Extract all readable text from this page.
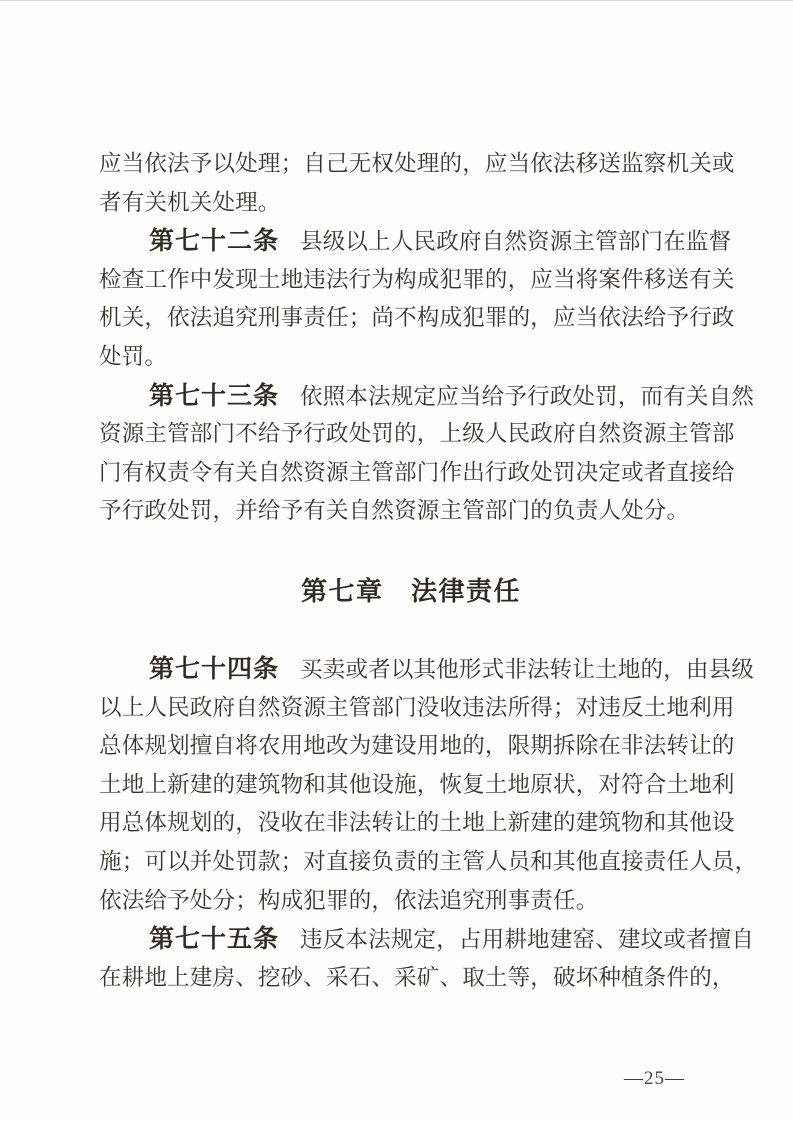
应当依法予以处理；自己无权处理的，应当依法移送监察机关或
者有关机关处理。
第七十二条 县级以上人民政府自然资源主管部门在监督
检查工作中发现土地违法行为构成犯罪的，应当将案件移送有关
机关，依法追究刑事责任；尚不构成犯罪的，应当依法给予行政
处罚。
第七十三条 依照本法规定应当给予行政处罚，而有关自然
资源主管部门不给予行政处罚的，上级人民政府自然资源主管部
门有权责令有关自然资源主管部门作出行政处罚决定或者直接给
予行政处罚，并给予有关自然资源主管部门的负责人处分。
第七章　法律责任
第七十四条 买卖或者以其他形式非法转让土地的，由县级
以上人民政府自然资源主管部门没收违法所得；对违反土地利用
总体规划擅自将农用地改为建设用地的，限期拆除在非法转让的
土地上新建的建筑物和其他设施，恢复土地原状，对符合土地利
用总体规划的，没收在非法转让的土地上新建的建筑物和其他设
施；可以并处罚款；对直接负责的主管人员和其他直接责任人员，
依法给予处分；构成犯罪的，依法追究刑事责任。
第七十五条 违反本法规定，占用耕地建窑、建坟或者擅自
在耕地上建房、挖砂、采石、采矿、取土等，破坏种植条件的，
—25—
